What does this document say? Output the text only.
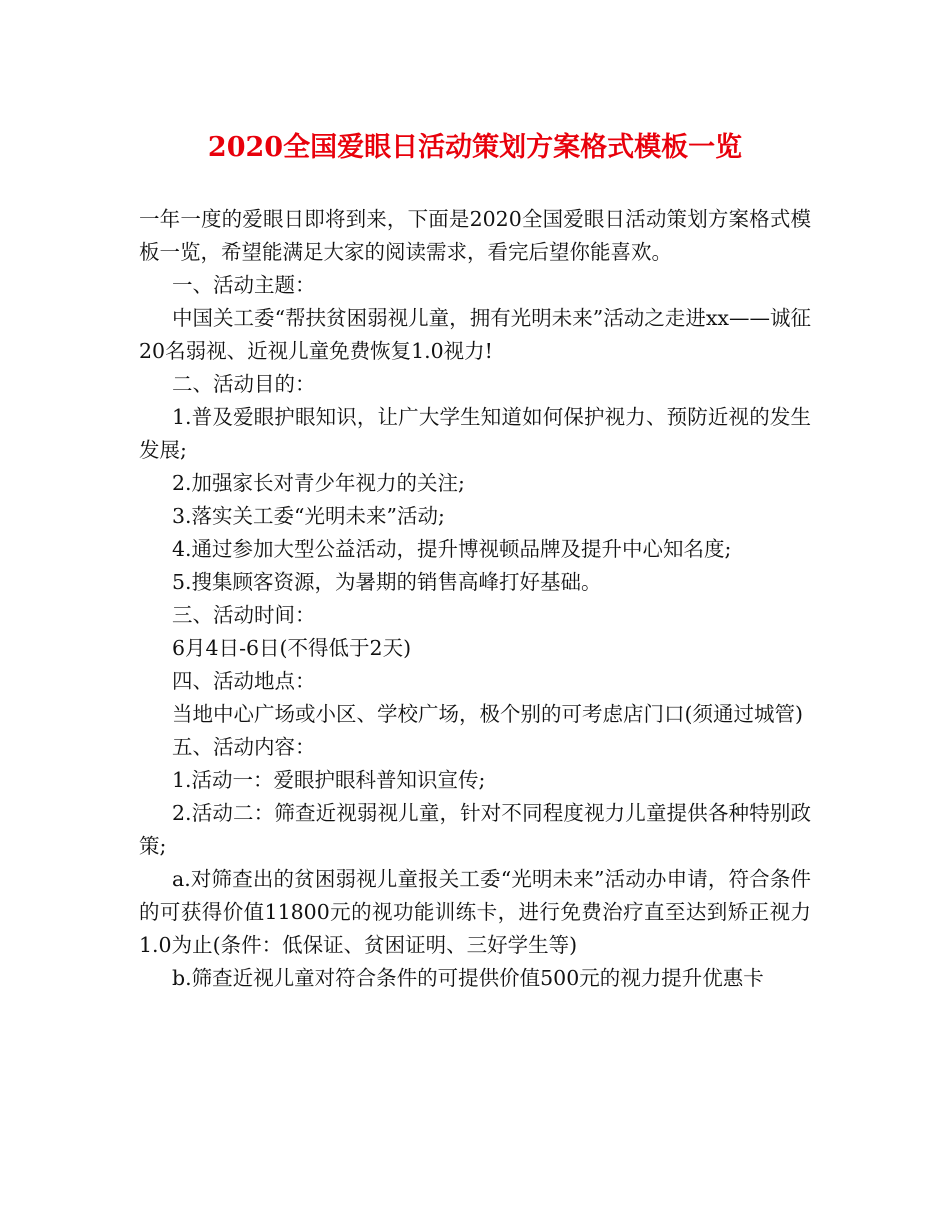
2020全国爱眼日活动策划方案格式模板一览

一年一度的爱眼日即将到来，下面是2020全国爱眼日活动策划方案格式模板一览，希望能满足大家的阅读需求，看完后望你能喜欢。

一、活动主题：

中国关工委“帮扶贫困弱视儿童，拥有光明未来”活动之走进xx——诚征20名弱视、近视儿童免费恢复1.0视力!

二、活动目的：

1.普及爱眼护眼知识，让广大学生知道如何保护视力、预防近视的发生发展;

2.加强家长对青少年视力的关注;

3.落实关工委“光明未来”活动;

4.通过参加大型公益活动，提升博视顿品牌及提升中心知名度;

5.搜集顾客资源，为暑期的销售高峰打好基础。

三、活动时间：

6月4日-6日(不得低于2天)

四、活动地点：

当地中心广场或小区、学校广场，极个别的可考虑店门口(须通过城管)

五、活动内容：

1.活动一：爱眼护眼科普知识宣传;

2.活动二：筛查近视弱视儿童，针对不同程度视力儿童提供各种特别政策;

a.对筛查出的贫困弱视儿童报关工委“光明未来”活动办申请，符合条件的可获得价值11800元的视功能训练卡，进行免费治疗直至达到矫正视力1.0为止(条件：低保证、贫困证明、三好学生等)

b.筛查近视儿童对符合条件的可提供价值500元的视力提升优惠卡
